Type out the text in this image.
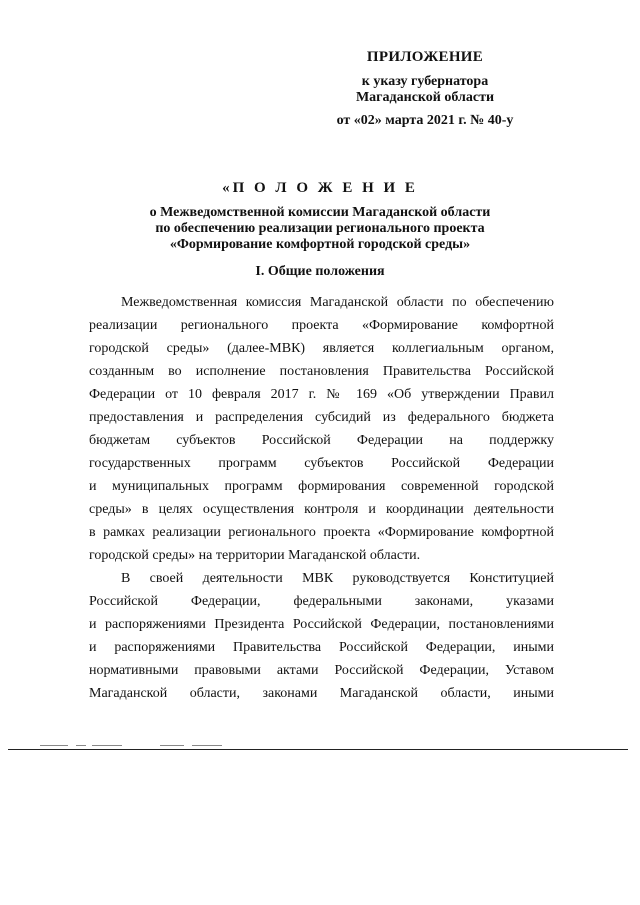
ПРИЛОЖЕНИЕ
к указу губернатора
Магаданской области
от «02» марта 2021 г. № 40-у
«П О Л О Ж Е Н И Е
о Межведомственной комиссии Магаданской области
по обеспечению реализации регионального проекта
«Формирование комфортной городской среды»
I. Общие положения
Межведомственная комиссия Магаданской области по обеспечению
реализации регионального проекта «Формирование комфортной
городской среды» (далее-МВК) является коллегиальным органом,
созданным во исполнение постановления Правительства Российской
Федерации от 10 февраля 2017 г. № 169 «Об утверждении Правил
предоставления и распределения субсидий из федерального бюджета
бюджетам субъектов Российской Федерации на поддержку
государственных программ субъектов Российской Федерации
и муниципальных программ формирования современной городской
среды» в целях осуществления контроля и координации деятельности
в рамках реализации регионального проекта «Формирование комфортной
городской среды» на территории Магаданской области.
В своей деятельности МВК руководствуется Конституцией
Российской Федерации, федеральными законами, указами
и распоряжениями Президента Российской Федерации, постановлениями
и распоряжениями Правительства Российской Федерации, иными
нормативными правовыми актами Российской Федерации, Уставом
Магаданской области, законами Магаданской области, иными
